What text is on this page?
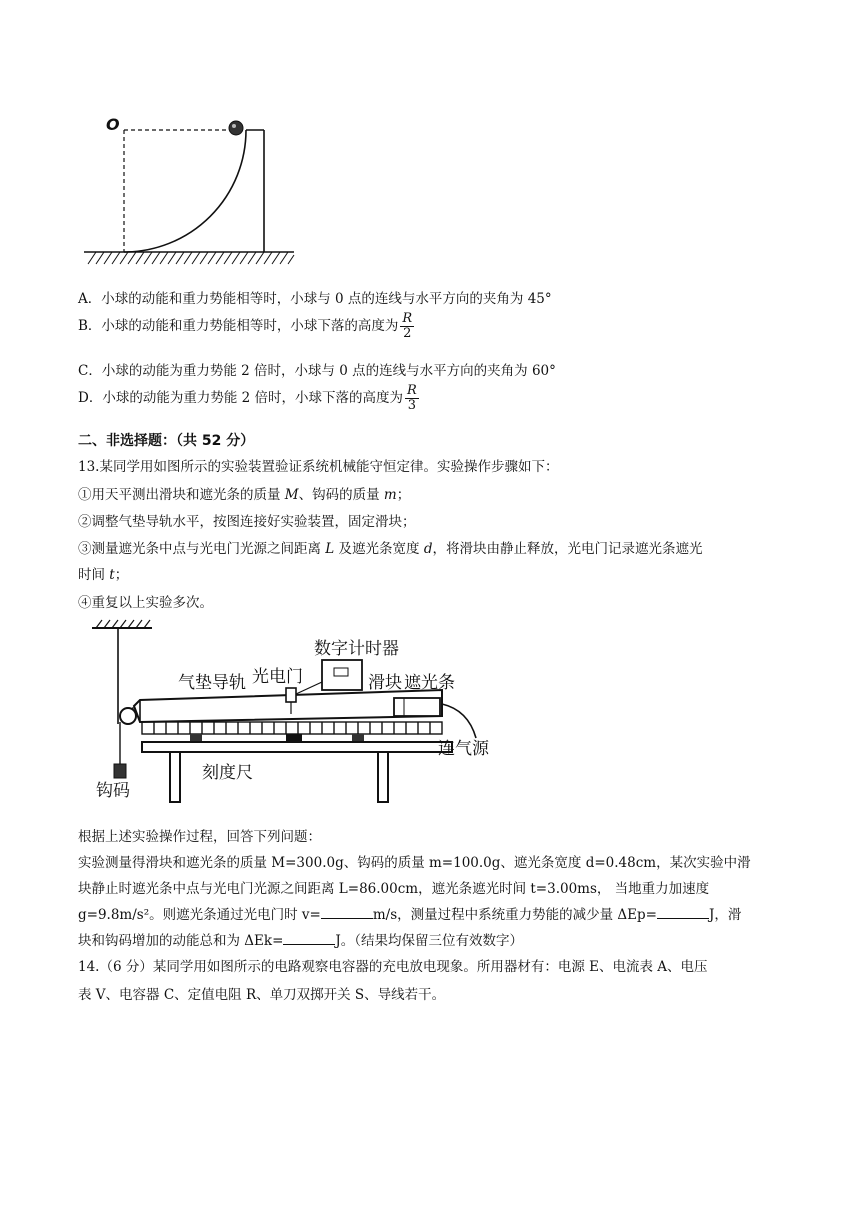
O
A．小球的动能和重力势能相等时，小球与 0 点的连线与水平方向的夹角为 45°
B．小球的动能和重力势能相等时，小球下落的高度为 $\frac{R}{2}$
C．小球的动能为重力势能 2 倍时，小球与 0 点的连线与水平方向的夹角为 60°
D．小球的动能为重力势能 2 倍时，小球下落的高度为 $\frac{R}{3}$
二、非选择题：（共 52 分）
13.某同学用如图所示的实验装置验证系统机械能守恒定律。实验操作步骤如下：
①用天平测出滑块和遮光条的质量 M、钩码的质量 m；
②调整气垫导轨水平，按图连接好实验装置，固定滑块；
③测量遮光条中点与光电门光源之间距离 L 及遮光条宽度 d，将滑块由静止释放，光电门记录遮光条遮光
时间 t；
④重复以上实验多次。
数字计时器
气垫导轨 光电门	滑块 遮光条
连气源
钩码
刻度尺
根据上述实验操作过程，回答下列问题：
实验测量得滑块和遮光条的质量 M=300.0g、钩码的质量 m=100.0g、遮光条宽度 d=0.48cm，某次实验中滑
块静止时遮光条中点与光电门光源之间距离 L=86.00cm，遮光条遮光时间 t=3.00ms， 当地重力加速度
g=9.8m/s²。则遮光条通过光电门时 v=	m/s，测量过程中系统重力势能的减少量 ΔEp=	J，滑
块和钩码增加的动能总和为 ΔEk=	J。（结果均保留三位有效数字）
14.（6 分）某同学用如图所示的电路观察电容器的充电放电现象。所用器材有：电源 E、电流表 A、电压
表 V、电容器 C、定值电阻 R、单刀双掷开关 S、导线若干。
